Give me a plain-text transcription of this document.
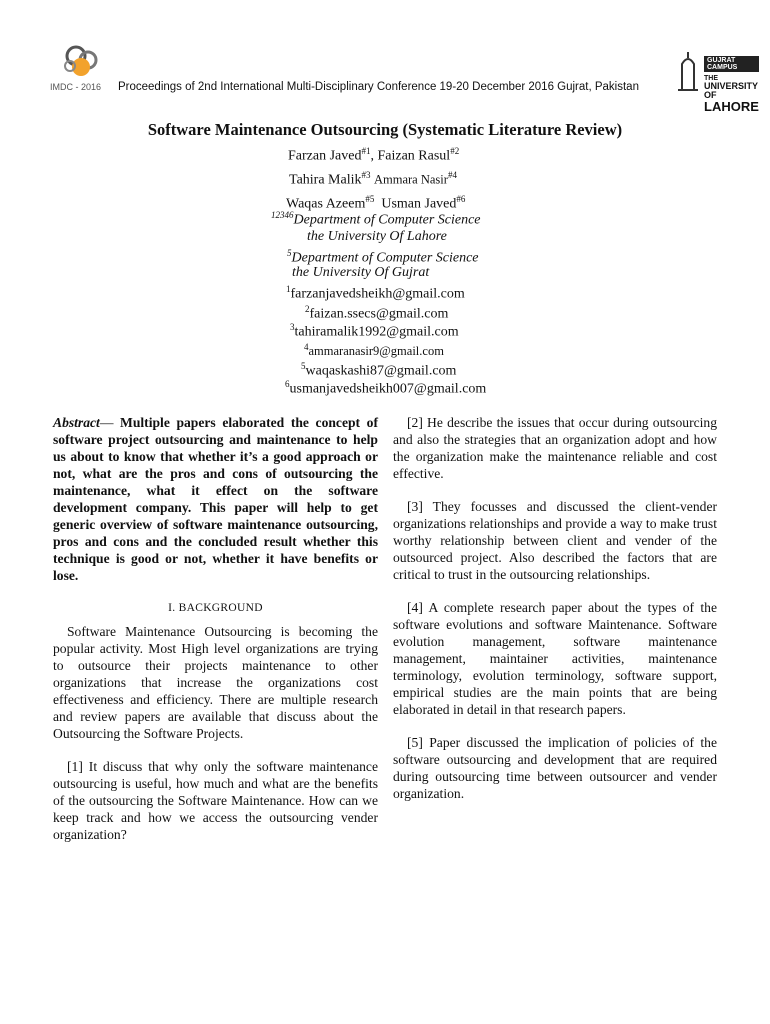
IMDC - 2016 Proceedings of 2nd International Multi-Disciplinary Conference 19-20 December 2016 Gujrat, Pakistan
GUJRAT CAMPUS
THE
UNIVERSITY OF
LAHORE
Software Maintenance Outsourcing (Systematic Literature Review)
Farzan Javed$^{\#1}$, Faizan Rasul$^{\#2}$
Tahira Malik$^{\#3}$ Ammara Nasir$^{\#4}$
Waqas Azeem$^{\#5}$ Usman Javed$^{\#6}$
$^{12346}$Department of Computer Science
the University Of Lahore
$^5$Department of Computer Science
the University Of Gujrat
$^1$farzanjavedsheikh@gmail.com
$^2$faizan.ssecs@gmail.com
$^3$tahiramalik1992@gmail.com
$^4$ammaranasir9@gmail.com
$^5$waqaskashi87@gmail.com
$^6$usmanjavedsheikh007@gmail.com

Abstract— Multiple papers elaborated the concept of software project outsourcing and maintenance to help us about to know that whether it’s a good approach or not, what are the pros and cons of outsourcing the maintenance, what it effect on the software development company. This paper will help to get generic overview of software maintenance outsourcing, pros and cons and the concluded result whether this technique is good or not, whether it have benefits or lose.

I. BACKGROUND

Software Maintenance Outsourcing is becoming the popular activity. Most High level organizations are trying to outsource their projects maintenance to other organizations that increase the organizations cost effectiveness and efficiency. There are multiple research and review papers are available that discuss about the Outsourcing the Software Projects.

[1] It discuss that why only the software maintenance outsourcing is useful, how much and what are the benefits of the outsourcing the Software Maintenance. How can we keep track and how we access the outsourcing vender organization?

[2] He describe the issues that occur during outsourcing and also the strategies that an organization adopt and how the organization make the maintenance reliable and cost effective.

[3] They focusses and discussed the client-vender organizations relationships and provide a way to make trust worthy relationship between client and vender of the outsourced project. Also described the factors that are critical to trust in the outsourcing relationships.

[4] A complete research paper about the types of the software evolutions and software Maintenance. Software evolution management, software maintenance management, maintainer activities, maintenance terminology, evolution terminology, software support, empirical studies are the main points that are being elaborated in detail in that research papers.

[5] Paper discussed the implication of policies of the software outsourcing and development that are required during outsourcing time between outsourcer and vender organization.
